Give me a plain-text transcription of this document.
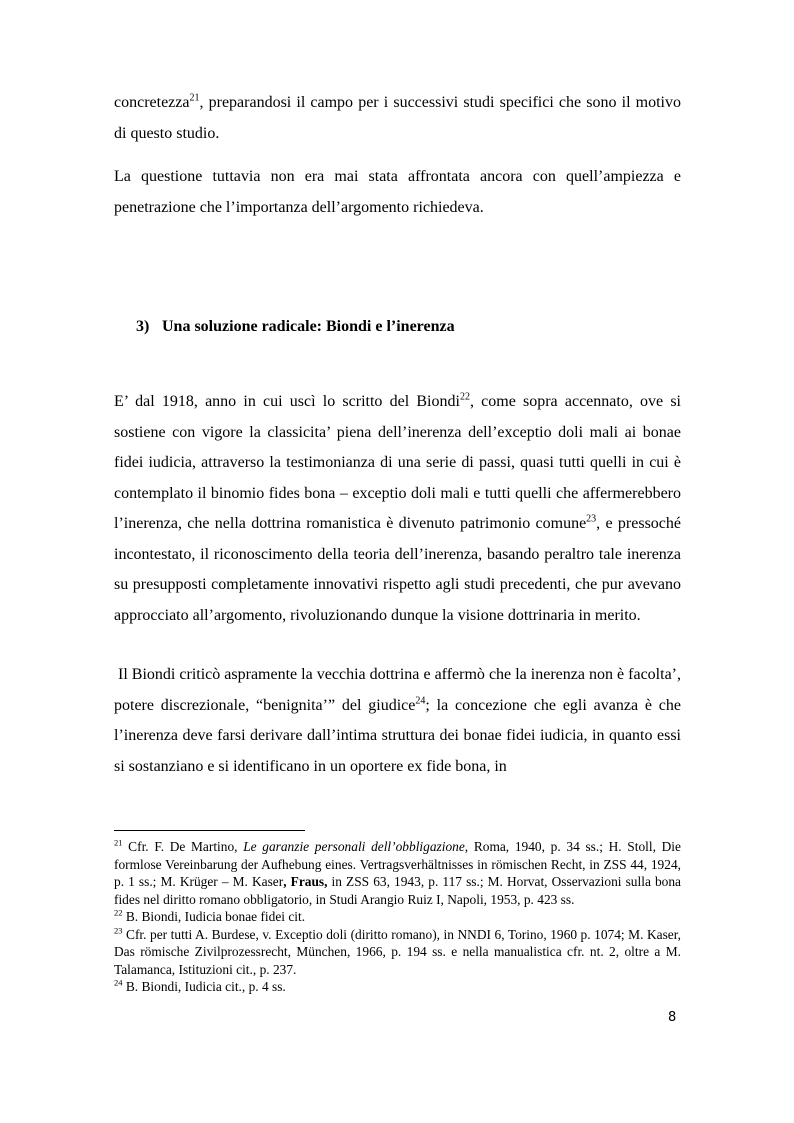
concretezza$^{21}$, preparandosi il campo per i successivi studi specifici che sono il motivo di questo studio.

La questione tuttavia non era mai stata affrontata ancora con quell’ampiezza e penetrazione che l’importanza dell’argomento richiedeva.

3) Una soluzione radicale: Biondi e l’inerenza

E’ dal 1918, anno in cui uscì lo scritto del Biondi$^{22}$, come sopra accennato, ove si sostiene con vigore la classicita’ piena dell’inerenza dell’exceptio doli mali ai bonae fidei iudicia, attraverso la testimonianza di una serie di passi, quasi tutti quelli in cui è contemplato il binomio fides bona – exceptio doli mali e tutti quelli che affermerebbero l’inerenza, che nella dottrina romanistica è divenuto patrimonio comune$^{23}$, e pressoché incontestato, il riconoscimento della teoria dell’inerenza, basando peraltro tale inerenza su presupposti completamente innovativi rispetto agli studi precedenti, che pur avevano approcciato all’argomento, rivoluzionando dunque la visione dottrinaria in merito.

Il Biondi criticò aspramente la vecchia dottrina e affermò che la inerenza non è facolta’, potere discrezionale, “benignita’” del giudice$^{24}$; la concezione che egli avanza è che l’inerenza deve farsi derivare dall’intima struttura dei bonae fidei iudicia, in quanto essi si sostanziano e si identificano in un oportere ex fide bona, in

$^{21}$ Cfr. F. De Martino, Le garanzie personali dell’obbligazione, Roma, 1940, p. 34 ss.; H. Stoll, Die formlose Vereinbarung der Aufhebung eines. Vertragsverhältnisses in römischen Recht, in ZSS 44, 1924, p. 1 ss.; M. Krüger – M. Kaser, Fraus, in ZSS 63, 1943, p. 117 ss.; M. Horvat, Osservazioni sulla bona fides nel diritto romano obbligatorio, in Studi Arangio Ruiz I, Napoli, 1953, p. 423 ss.

$^{22}$ B. Biondi, Iudicia bonae fidei cit.

$^{23}$ Cfr. per tutti A. Burdese, v. Exceptio doli (diritto romano), in NNDI 6, Torino, 1960 p. 1074; M. Kaser, Das römische Zivilprozessrecht, München, 1966, p. 194 ss. e nella manualistica cfr. nt. 2, oltre a M. Talamanca, Istituzioni cit., p. 237.

$^{24}$ B. Biondi, Iudicia cit., p. 4 ss.

8
